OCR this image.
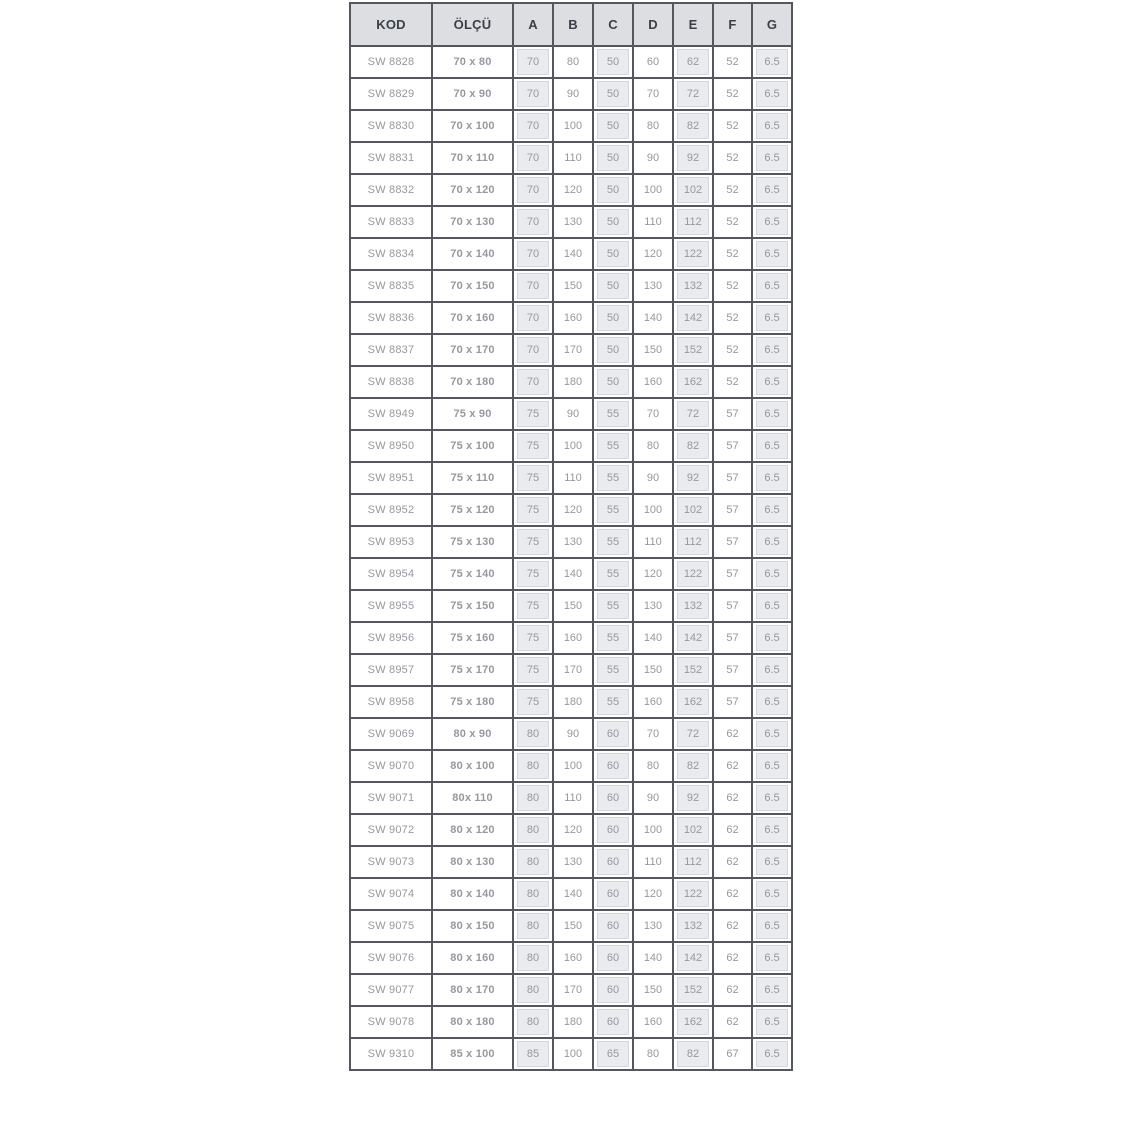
KOD	ÖLÇÜ	A	B	C	D	E	F	G
SW 8828	70 x 80	70	80	50	60	62	52	6.5

SW 8829	70 x 90	70	90	50	70	72	52	6.5

SW 8830	70 x 100	70	100	50	80	82	52	6.5

SW 8831	70 x 110	70	110	50	90	92	52	6.5

SW 8832	70 x 120	70	120	50	100	102	52	6.5

SW 8833	70 x 130	70	130	50	110	112	52	6.5

SW 8834	70 x 140	70	140	50	120	122	52	6.5

SW 8835	70 x 150	70	150	50	130	132	52	6.5

SW 8836	70 x 160	70	160	50	140	142	52	6.5

SW 8837	70 x 170	70	170	50	150	152	52	6.5

SW 8838	70 x 180	70	180	50	160	162	52	6.5

SW 8949	75 x 90	75	90	55	70	72	57	6.5

SW 8950	75 x 100	75	100	55	80	82	57	6.5

SW 8951	75 x 110	75	110	55	90	92	57	6.5

SW 8952	75 x 120	75	120	55	100	102	57	6.5

SW 8953	75 x 130	75	130	55	110	112	57	6.5

SW 8954	75 x 140	75	140	55	120	122	57	6.5

SW 8955	75 x 150	75	150	55	130	132	57	6.5

SW 8956	75 x 160	75	160	55	140	142	57	6.5

SW 8957	75 x 170	75	170	55	150	152	57	6.5

SW 8958	75 x 180	75	180	55	160	162	57	6.5

SW 9069	80 x 90	80	90	60	70	72	62	6.5

SW 9070	80 x 100	80	100	60	80	82	62	6.5

SW 9071	80x 110	80	110	60	90	92	62	6.5

SW 9072	80 x 120	80	120	60	100	102	62	6.5

SW 9073	80 x 130	80	130	60	110	112	62	6.5

SW 9074	80 x 140	80	140	60	120	122	62	6.5

SW 9075	80 x 150	80	150	60	130	132	62	6.5

SW 9076	80 x 160	80	160	60	140	142	62	6.5

SW 9077	80 x 170	80	170	60	150	152	62	6.5

SW 9078	80 x 180	80	180	60	160	162	62	6.5

SW 9310	85 x 100	85	100	65	80	82	67	6.5
